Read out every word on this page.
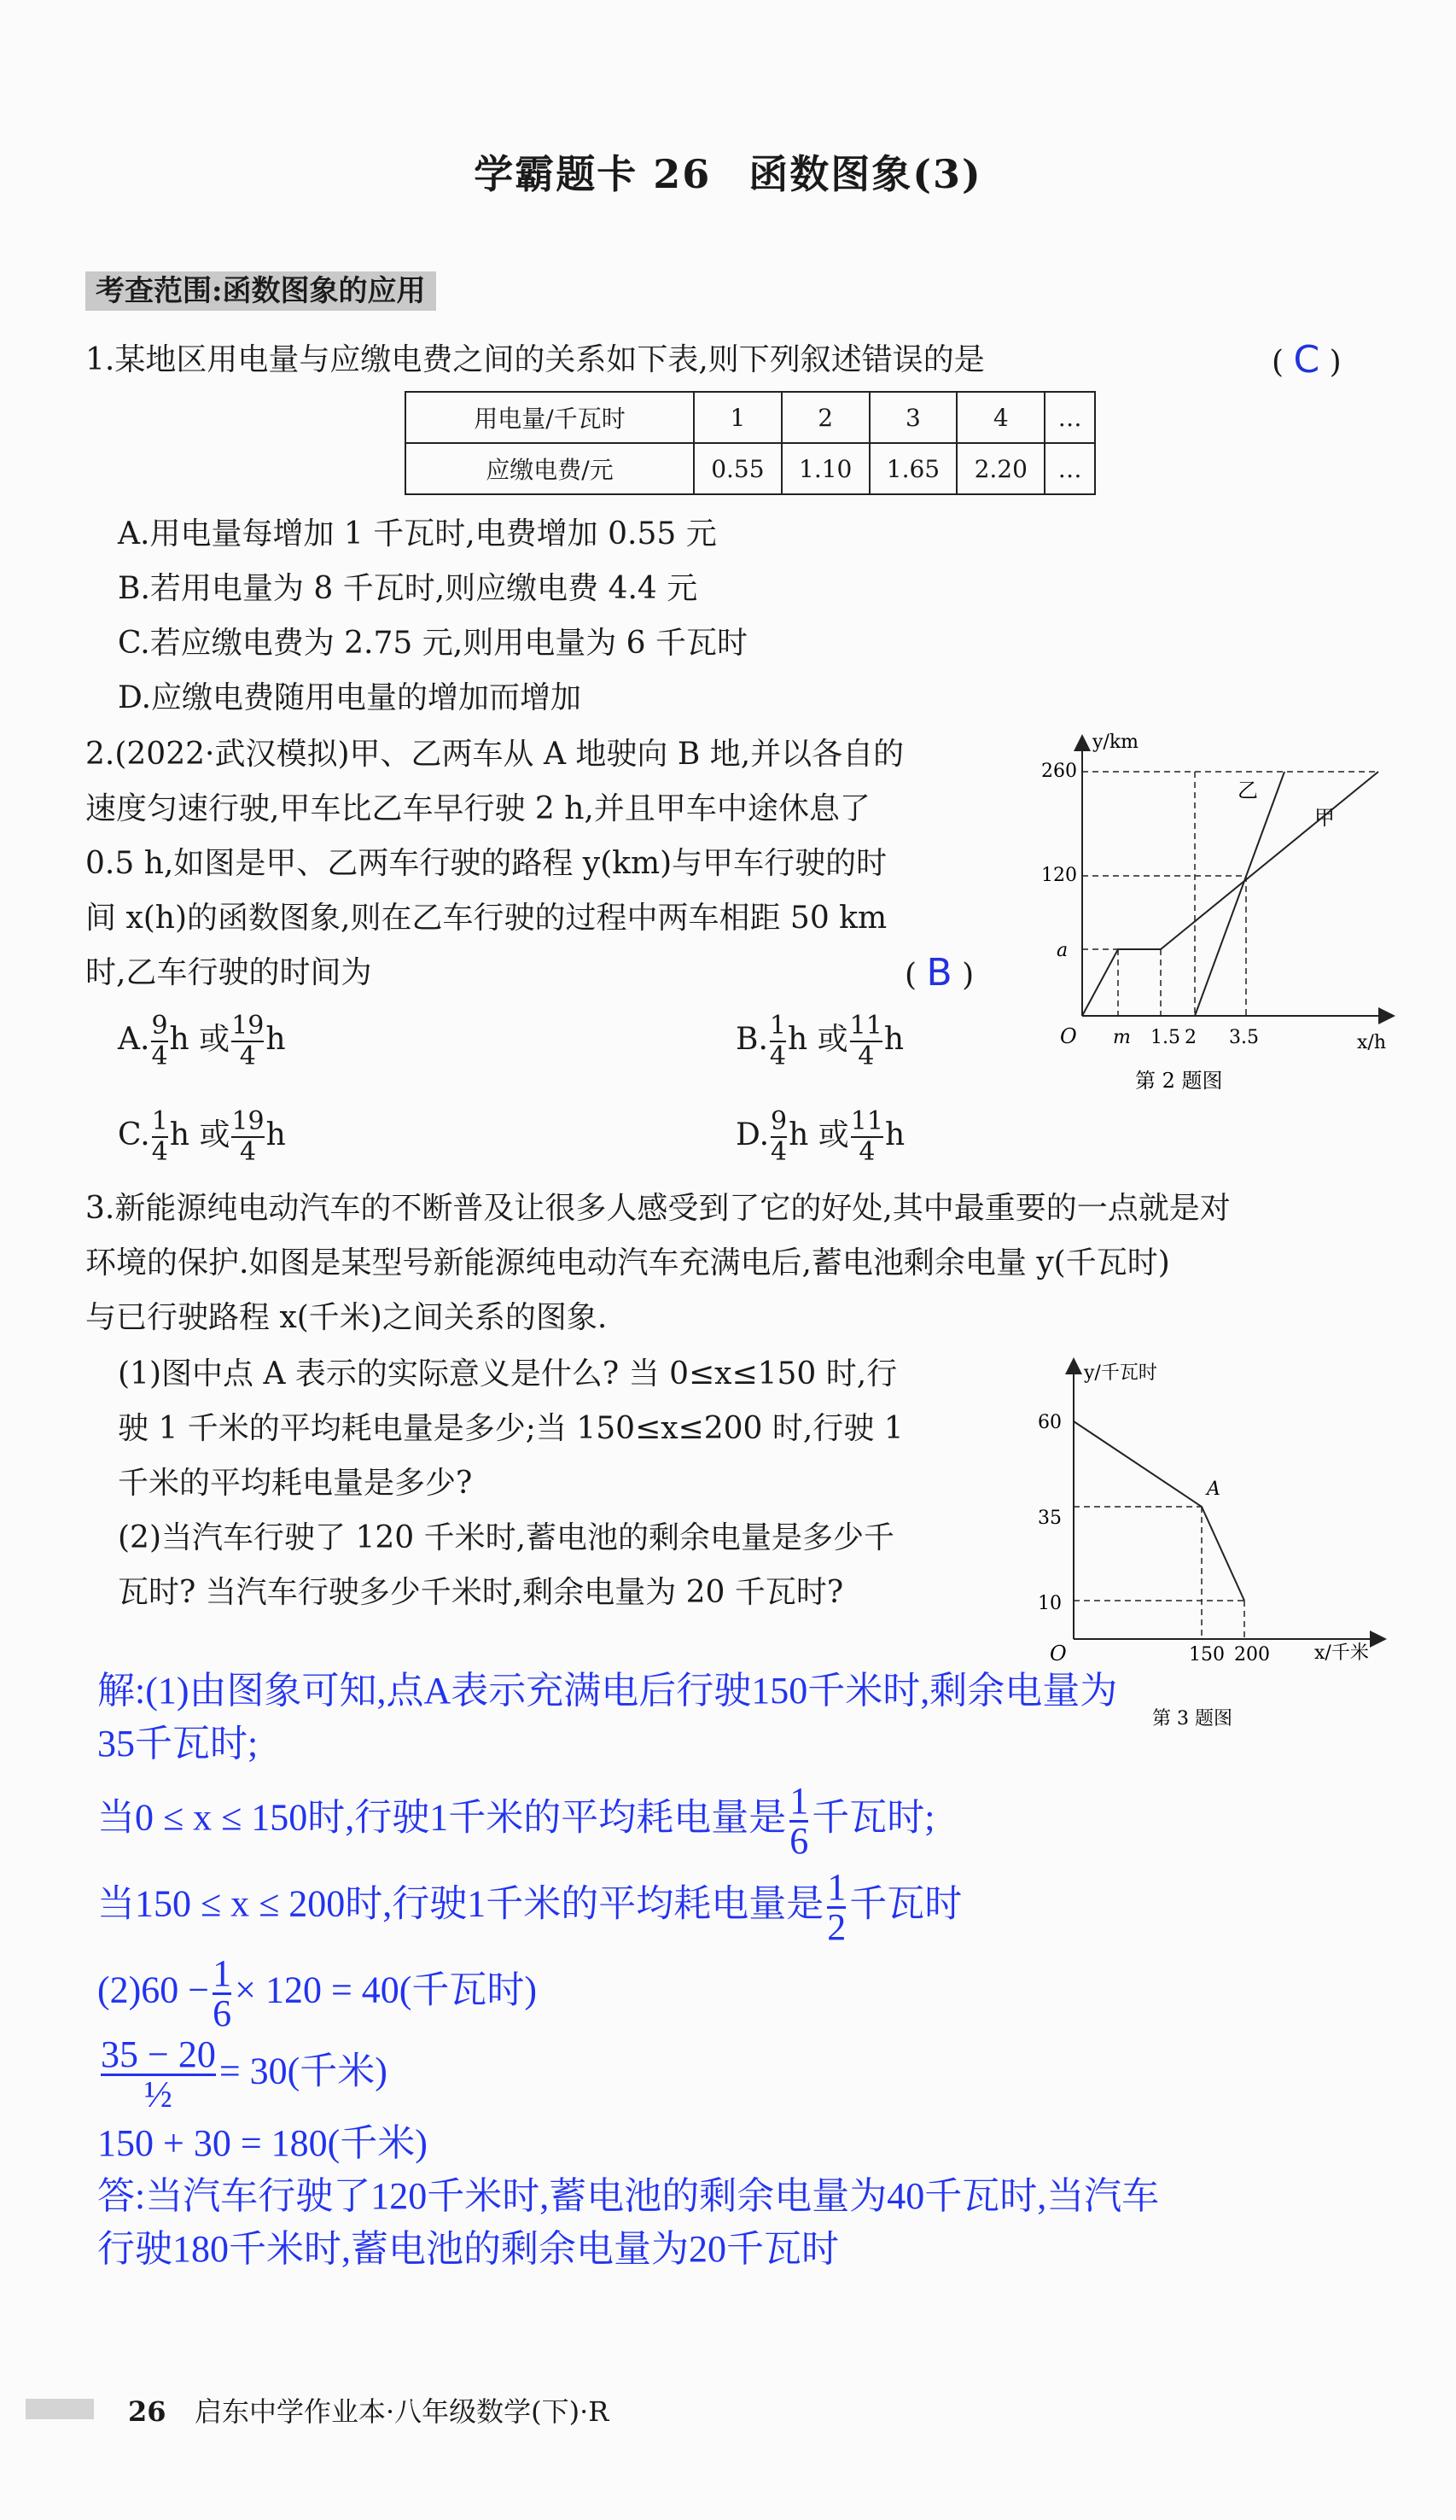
学霸题卡 26 函数图象(3)
考查范围:函数图象的应用
1.某地区用电量与应缴电费之间的关系如下表,则下列叙述错误的是	( C )
用电量/千瓦时	1	2	3	4	…
应缴电费/元	0.55	1.10	1.65	2.20	…
A.用电量每增加 1 千瓦时,电费增加 0.55 元
B.若用电量为 8 千瓦时,则应缴电费 4.4 元
C.若应缴电费为 2.75 元,则用电量为 6 千瓦时
D.应缴电费随用电量的增加而增加
2.(2022·武汉模拟)甲、乙两车从 A 地驶向 B 地,并以各自的
速度匀速行驶,甲车比乙车早行驶 2 h,并且甲车中途休息了
0.5 h,如图是甲、乙两车行驶的路程 y(km)与甲车行驶的时
间 x(h)的函数图象,则在乙车行驶的过程中两车相距 50 km
时,乙车行驶的时间为	( B )
A. $\frac{9}{4}$ h 或 $\frac{19}{4}$ h	B. $\frac{1}{4}$ h 或 $\frac{11}{4}$ h
C. $\frac{1}{4}$ h 或 $\frac{19}{4}$ h	D. $\frac{9}{4}$ h 或 $\frac{11}{4}$ h
y/km
x/h
O
260
120
a
m 1.5 2 3.5
乙
甲
第 2 题图
3.新能源纯电动汽车的不断普及让很多人感受到了它的好处,其中最重要的一点就是对
环境的保护.如图是某型号新能源纯电动汽车充满电后,蓄电池剩余电量 y(千瓦时)
与已行驶路程 x(千米)之间关系的图象.
(1)图中点 A 表示的实际意义是什么? 当 0≤x≤150 时,行
驶 1 千米的平均耗电量是多少;当 150≤x≤200 时,行驶 1
千米的平均耗电量是多少?
(2)当汽车行驶了 120 千米时,蓄电池的剩余电量是多少千
瓦时? 当汽车行驶多少千米时,剩余电量为 20 千瓦时?
y/千瓦时
x/千米
O
60
35
10
150 200
A
第 3 题图
解:(1)由图象可知,点A表示充满电后行驶150千米时,剩余电量为
35千瓦时;
当0 ≤ x ≤ 150时,行驶1千米的平均耗电量是 $\frac{1}{6}$ 千瓦时;
当150 ≤ x ≤ 200时,行驶1千米的平均耗电量是 $\frac{1}{2}$ 千瓦时
$(2)60 - \frac{1}{6} \times 120 = 40$(千瓦时)
35 − 20
½
= 30(千米)
150 + 30 = 180(千米)
答:当汽车行驶了120千米时,蓄电池的剩余电量为40千瓦时,当汽车
行驶180千米时,蓄电池的剩余电量为20千瓦时
26 启东中学作业本·八年级数学(下)·R
